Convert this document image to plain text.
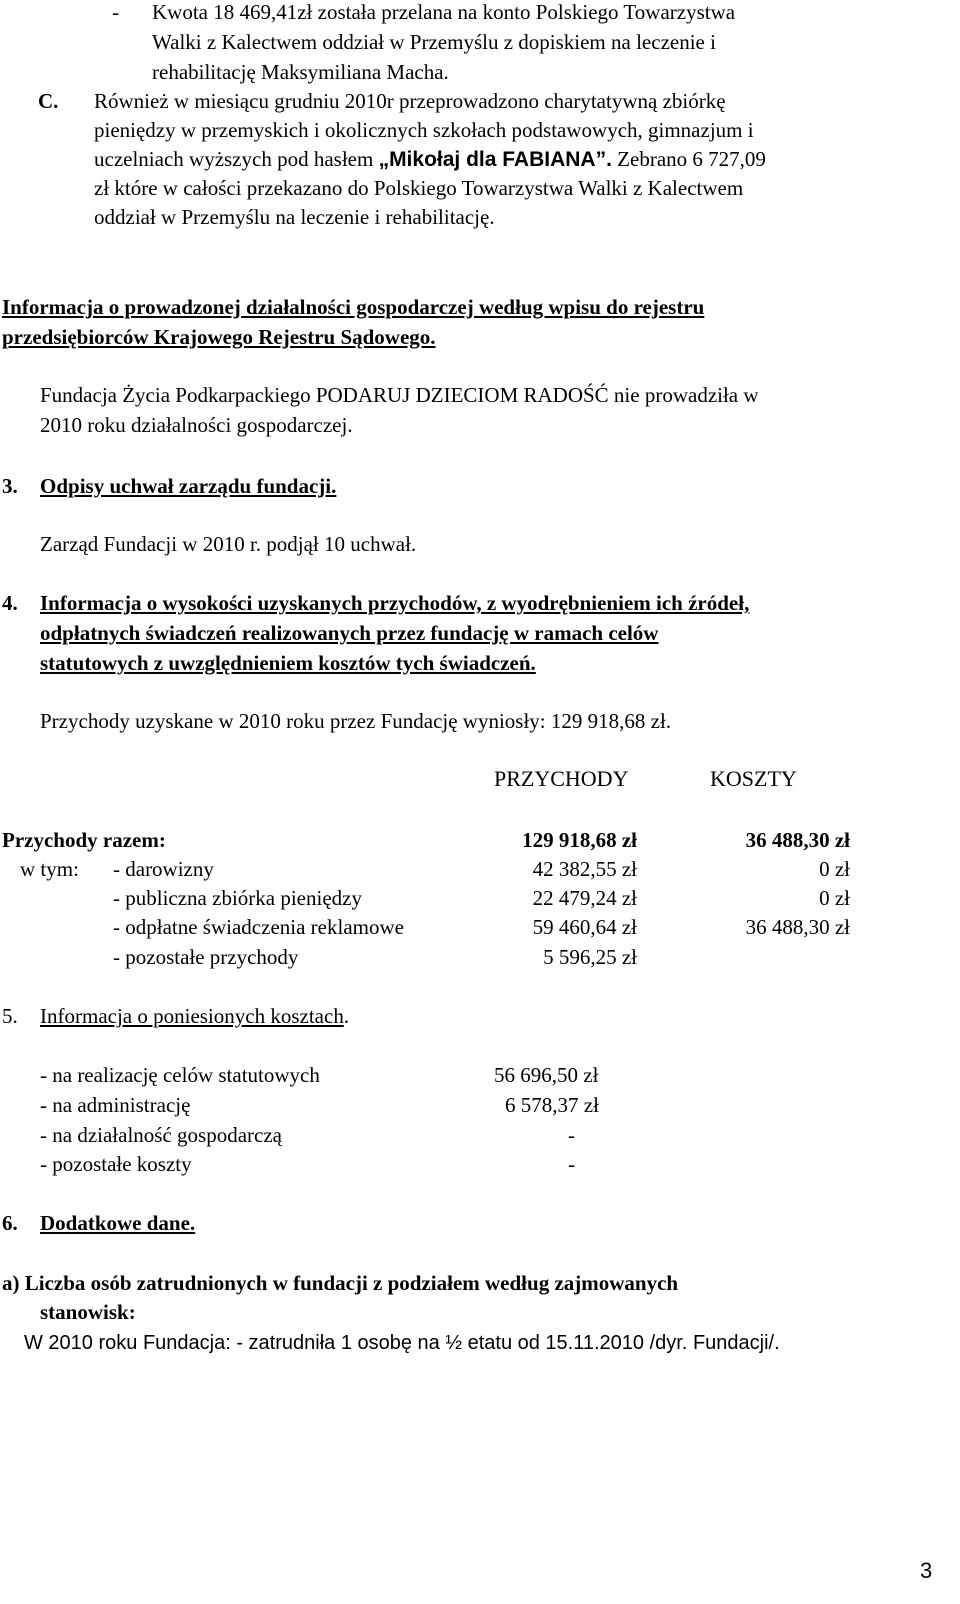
- Kwota 18 469,41zł została przelana na konto Polskiego Towarzystwa
Walki z Kalectwem oddział w Przemyślu z dopiskiem na leczenie i
rehabilitację Maksymiliana Macha.
C. Również w miesiącu grudniu 2010r przeprowadzono charytatywną zbiórkę
pieniędzy w przemyskich i okolicznych szkołach podstawowych, gimnazjum i
uczelniach wyższych pod hasłem „Mikołaj dla FABIANA”. Zebrano 6 727,09
zł które w całości przekazano do Polskiego Towarzystwa Walki z Kalectwem
oddział w Przemyślu na leczenie i rehabilitację.
Informacja o prowadzonej działalności gospodarczej według wpisu do rejestru
przedsiębiorców Krajowego Rejestru Sądowego.
Fundacja Życia Podkarpackiego PODARUJ DZIECIOM RADOŚĆ nie prowadziła w
2010 roku działalności gospodarczej.
3. Odpisy uchwał zarządu fundacji.
Zarząd Fundacji w 2010 r. podjął 10 uchwał.
4. Informacja o wysokości uzyskanych przychodów, z wyodrębnieniem ich źródeł,
odpłatnych świadczeń realizowanych przez fundację w ramach celów
statutowych z uwzględnieniem kosztów tych świadczeń.
Przychody uzyskane w 2010 roku przez Fundację wyniosły: 129 918,68 zł.
PRZYCHODY	KOSZTY
Przychody razem:	129 918,68 zł	36 488,30 zł
w tym: - darowizny	42 382,55 zł	0 zł
- publiczna zbiórka pieniędzy	22 479,24 zł	0 zł
- odpłatne świadczenia reklamowe	59 460,64 zł	36 488,30 zł
- pozostałe przychody	5 596,25 zł
5. Informacja o poniesionych kosztach.
- na realizację celów statutowych	56 696,50 zł
- na administrację	6 578,37 zł
- na działalność gospodarczą	-
- pozostałe koszty	-
6. Dodatkowe dane.
a) Liczba osób zatrudnionych w fundacji z podziałem według zajmowanych
stanowisk:
W 2010 roku Fundacja: - zatrudniła 1 osobę na ½ etatu od 15.11.2010 /dyr. Fundacji/.
3
